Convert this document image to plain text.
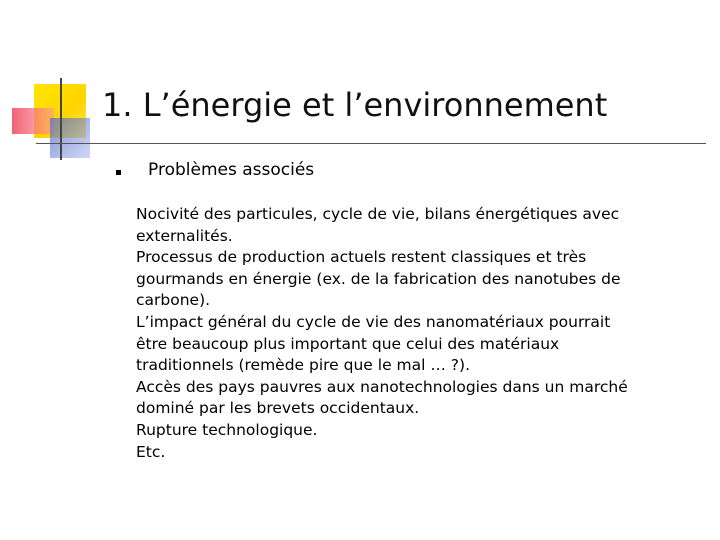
1. L’énergie et l’environnement
Problèmes associés
Nocivité des particules, cycle de vie, bilans énergétiques avec
externalités.
Processus de production actuels restent classiques et très
gourmands en énergie (ex. de la fabrication des nanotubes de
carbone).
L’impact général du cycle de vie des nanomatériaux pourrait
être beaucoup plus important que celui des matériaux
traditionnels (remède pire que le mal … ?).
Accès des pays pauvres aux nanotechnologies dans un marché
dominé par les brevets occidentaux.
Rupture technologique.
Etc.
